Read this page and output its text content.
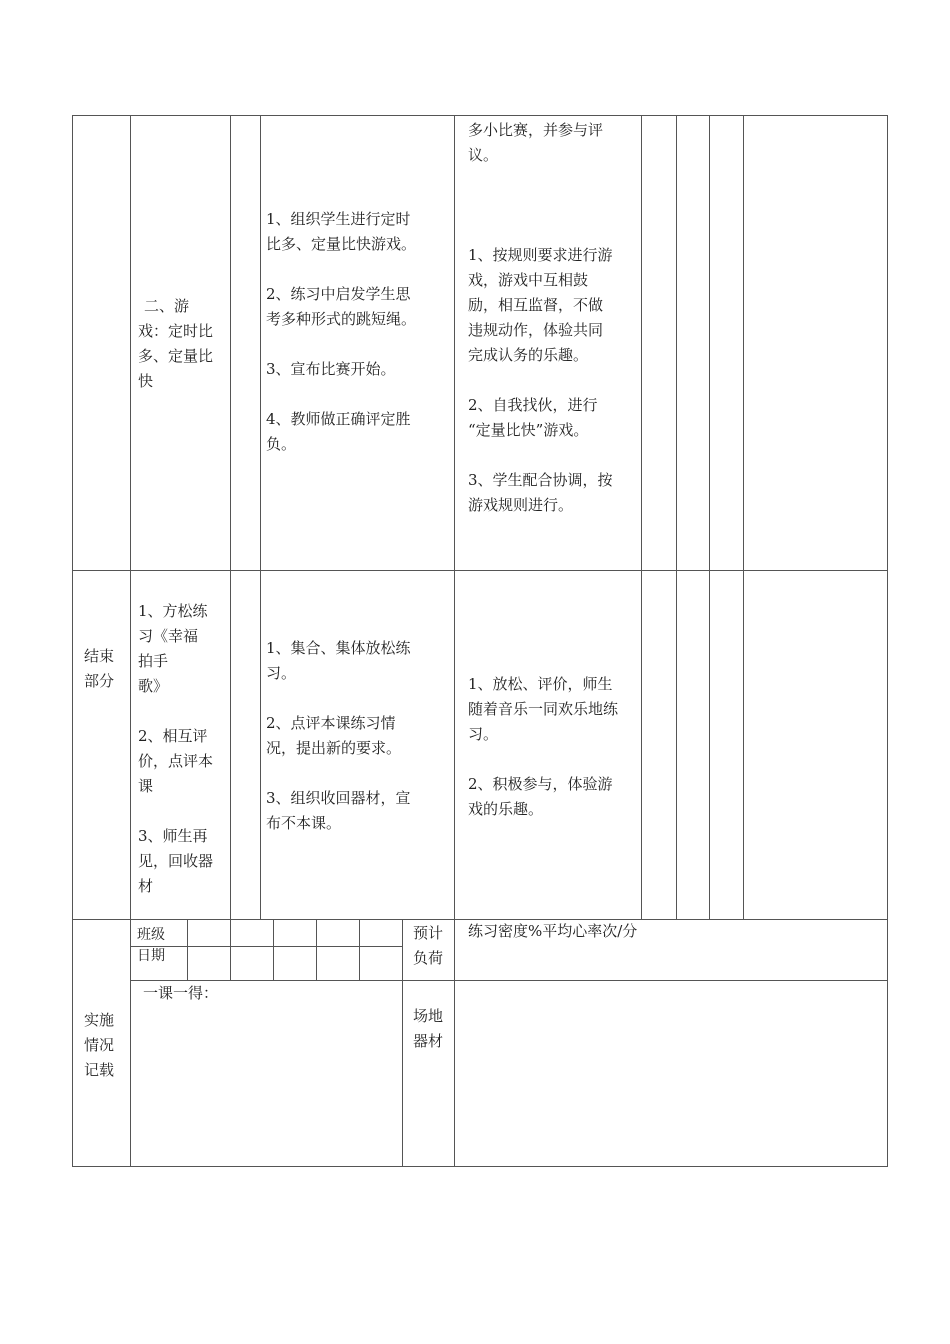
二、游
戏：定时比
多、定量比
快
1、组织学生进行定时
比多、定量比快游戏。

2、练习中启发学生思
考多种形式的跳短绳。

3、宣布比赛开始。

4、教师做正确评定胜
负。
多小比赛，并参与评
议。
1、按规则要求进行游
戏，游戏中互相鼓
励，相互监督，不做
违规动作，体验共同
完成认务的乐趣。

2、自我找伙，进行
“定量比快”游戏。

3、学生配合协调，按
游戏规则进行。
结束
部分
1、方松练
习《幸福
拍手
歌》

2、相互评
价，点评本
课

3、师生再
见，回收器
材
1、集合、集体放松练
习。

2、点评本课练习情
况，提出新的要求。

3、组织收回器材，宣
布不本课。
1、放松、评价，师生
随着音乐一同欢乐地练
习。

2、积极参与，体验游
戏的乐趣。
实施
情况
记载
班级
日期
预计
负荷
练习密度%平均心率次/分
一课一得：
场地
器材
